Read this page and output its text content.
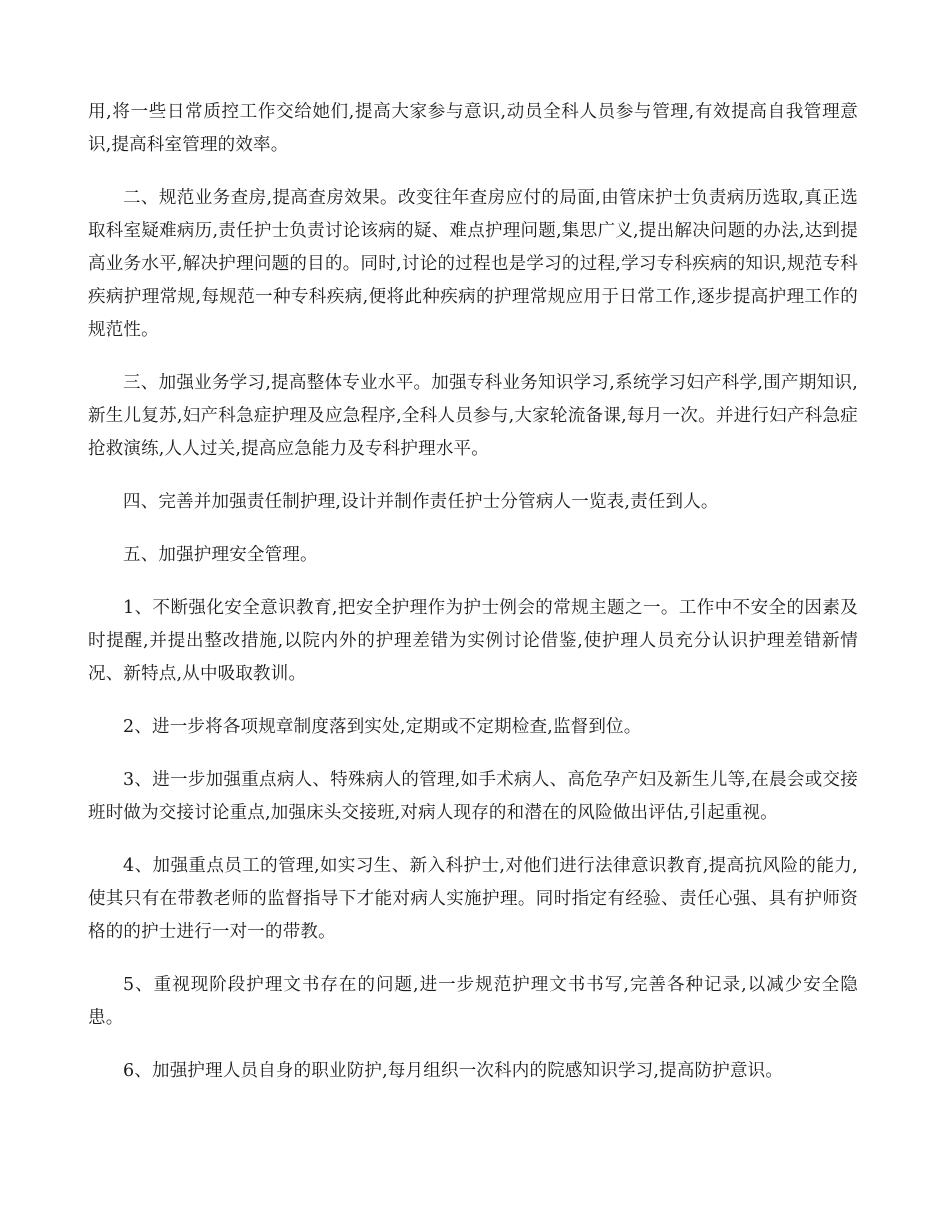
用,将一些日常质控工作交给她们,提高大家参与意识,动员全科人员参与管理,有效提高自我管理意识,提高科室管理的效率。

二、规范业务查房,提高查房效果。改变往年查房应付的局面,由管床护士负责病历选取,真正选取科室疑难病历,责任护士负责讨论该病的疑、难点护理问题,集思广义,提出解决问题的办法,达到提高业务水平,解决护理问题的目的。同时,讨论的过程也是学习的过程,学习专科疾病的知识,规范专科疾病护理常规,每规范一种专科疾病,便将此种疾病的护理常规应用于日常工作,逐步提高护理工作的规范性。

三、加强业务学习,提高整体专业水平。加强专科业务知识学习,系统学习妇产科学,围产期知识,新生儿复苏,妇产科急症护理及应急程序,全科人员参与,大家轮流备课,每月一次。并进行妇产科急症抢救演练,人人过关,提高应急能力及专科护理水平。

四、完善并加强责任制护理,设计并制作责任护士分管病人一览表,责任到人。

五、加强护理安全管理。

1、不断强化安全意识教育,把安全护理作为护士例会的常规主题之一。工作中不安全的因素及时提醒,并提出整改措施,以院内外的护理差错为实例讨论借鉴,使护理人员充分认识护理差错新情况、新特点,从中吸取教训。

2、进一步将各项规章制度落到实处,定期或不定期检查,监督到位。

3、进一步加强重点病人、特殊病人的管理,如手术病人、高危孕产妇及新生儿等,在晨会或交接班时做为交接讨论重点,加强床头交接班,对病人现存的和潜在的风险做出评估,引起重视。

4、加强重点员工的管理,如实习生、新入科护士,对他们进行法律意识教育,提高抗风险的能力,使其只有在带教老师的监督指导下才能对病人实施护理。同时指定有经验、责任心强、具有护师资格的的护士进行一对一的带教。

5、重视现阶段护理文书存在的问题,进一步规范护理文书书写,完善各种记录,以减少安全隐患。

6、加强护理人员自身的职业防护,每月组织一次科内的院感知识学习,提高防护意识。
